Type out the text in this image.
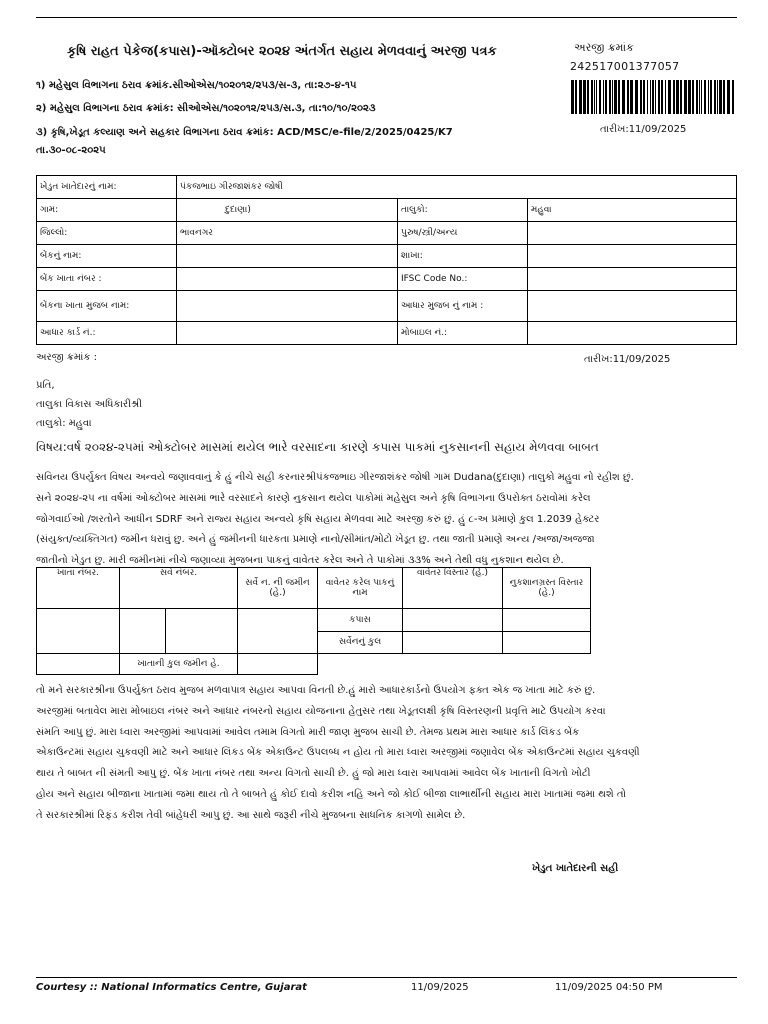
કૃષિ રાહત પેકેજ(કપાસ)-ઑક્ટોબર ૨૦૨૪ અંતર્ગત સહાય મેળવવાનું અરજી પત્રક
૧) મહેસુલ વિભાગના ઠરાવ ક્રમાંક.સીઓએસ/૧૦૨૦૧૨/૨૫૩/સ-૩, તા:૨૭-૪-૧૫
૨) મહેસુલ વિભાગના ઠરાવ ક્રમાંક: સીઓએસ/૧૦૨૦૧૨/૨૫૩/સ.૩, તા:૧૦/૧૦/૨૦૨૩
૩) કૃષિ,ખેડૂત કલ્યાણ અને સહકાર વિભાગના ઠરાવ ક્રમાંક: ACD/MSC/e-file/2/2025/0425/K7
તા.૩૦-૦૮-૨૦૨૫
અરજી ક્રમાંક
242517001377057
તારીખ:11/09/2025
ખેડુત ખાતેદારનું નામ:	પંકજભાઇ ગીરજાશંકર જોષી		
ગામ:	દુદાણા)	તાલુકો:	મહુવા
જિલ્લો:	ભાવનગર	પુરુષ/સ્ત્રી/અન્ય	
બેંકનું નામ:		શાખા:	
બેંક ખાતા નંબર :		IFSC Code No.:	
બેંકના ખાતા મુજબ નામ:		આધાર મુજબ નું નામ :	
આધાર કાર્ડ નં.:		મોબાઇલ નં.:	
અરજી ક્રમાંક :	તારીખ:11/09/2025
પ્રતિ,
તાલુકા વિકાસ અધિકારીશ્રી
તાલુકો: મહુવા
વિષય:વર્ષ ૨૦૨૪-૨૫માં ઓક્ટોબર માસમાં થયેલ ભારે વરસાદના કારણે કપાસ પાકમાં નુકસાનની સહાય મેળવવા બાબત
સવિનય ઉપર્યુક્ત વિષય અન્વયે જણાવવાનું કે હું નીચે સહી કરનારશ્રીપંકજભાઇ ગીરજાશંકર જોષી ગામ Dudana(દુદાણા) તાલુકો મહુવા નો રહીશ છું.
સને ૨૦૨૪-૨૫ ના વર્ષમાં ઓક્ટોબર માસમાં ભારે વરસાદને કારણે નુકસાન થયેલ પાકોમાં મહેસુલ અને કૃષિ વિભાગના ઉપરોક્ત ઠરાવોમાં કરેલ
જોગવાઈઓ /શરતોને આધીન SDRF અને રાજ્ય સહાય અન્વયે કૃષિ સહાય મેળવવા માટે અરજી કરું છું. હું ૮-અ પ્રમાણે કુલ 1.2039 હેક્ટર
(સંયુક્ત/વ્યક્તિગત) જમીન ધરાવું છુ. અને હું જમીનની ધારકતા પ્રમાણે નાનો/સીમાંત/મોટો ખેડૂત છુ. તથા જાતી પ્રમાણે અન્ય /અજા/અજજા
જાતીનો ખેડુત છુ. મારી જમીનમાં નીચે જણાવ્યા મુજબના પાકનું વાવેતર કરેલ અને તે પાકોમાં ૩૩% અને તેથી વધુ નુકશાન થયેલ છે.
ખાતા નંબર.	સર્વે નંબર.		સર્વે ન. ની જમીન (હે.)	વાવેતર કરેલ પાકનું નામ	વાવેતર વિસ્તાર (હે.)	નુકશાનગ્રસ્ત વિસ્તાર (હે.)
				કપાસ		
				સર્વેનનું કુલ		
	ખાતાની કુલ જમીન હે.					
તો મને સરકારશ્રીના ઉપર્યુક્ત ઠરાવ મુજબ મળવાપાત્ર સહાય આપવા વિનતી છે.હું મારો આધારકાર્ડનો ઉપયોગ ફક્ત એક જ ખાતા માટે કરું છું.
અરજીમાં બતાવેલ મારા મોબાઇલ નંબર અને આધાર નંબરનો સહાય યોજનાના હેતુસર તથા ખેડૂતલક્ષી કૃષિ વિસ્તરણની પ્રવૃત્તિ માટે ઉપયોગ કરવા
સંમતિ આપુ છું. મારા ધ્વારા અરજીમાં આપવામાં આવેલ તમામ વિગતો મારી જાણ મુજબ સાચી છે. તેમજ પ્રથમ મારા આધાર કાર્ડ લિંકડ બેંક
એકાઉન્ટમાં સહાય ચુકવણી માટે અને આધાર લિંકડ બેંક એકાઉન્ટ ઉપલબ્ધ ન હોય તો મારા ધ્વારા અરજીમાં જણાવેલ બેંક એકાઉન્ટમાં સહાય ચુકવણી
થાય તે બાબત ની સંમતી આપુ છું. બેંક ખાતા નંબર તથા અન્ય વિગતો સાચી છે. હું જો મારા ધ્વારા આપવામાં આવેલ બેંક ખાતાની વિગતો ખોટી
હોય અને સહાય બીજાના ખાતામાં જમા થાય તો તે બાબતે હું કોઈ દાવો કરીશ નહિ અને જો કોઈ બીજા લાભાર્થીની સહાય મારા ખાતામાં જમા થશે તો
તે સરકારશ્રીમાં રિફંડ કરીશ તેવી બાંહેધરી આપુ છું. આ સાથે જરૂરી નીચે મુજબના સાધનિક કાગળો સામેલ છે.
ખેડુત ખાતેદારની સહી
Courtesy :: National Informatics Centre, Gujarat	11/09/2025	11/09/2025 04:50 PM
